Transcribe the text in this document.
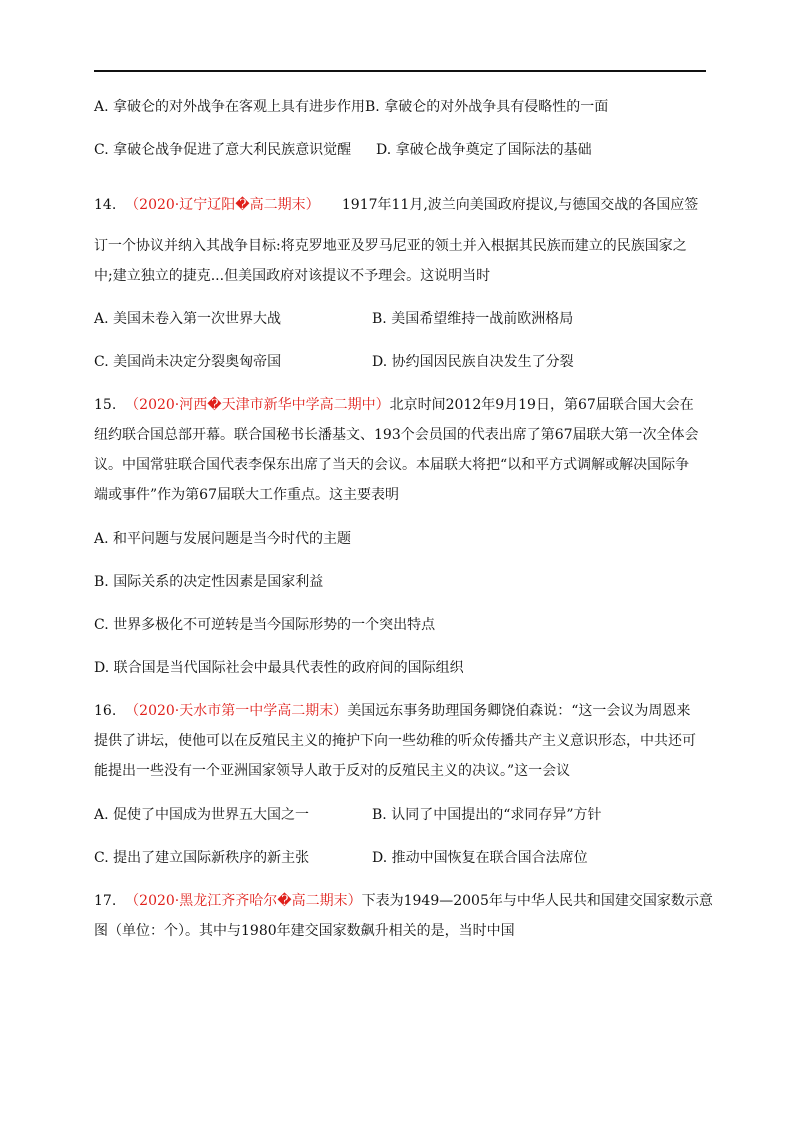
A. 拿破仑的对外战争在客观上具有进步作用B. 拿破仑的对外战争具有侵略性的一面
C. 拿破仑战争促进了意大利民族意识觉醒 D. 拿破仑战争奠定了国际法的基础
14. （2020·辽宁辽阳�高二期末） 1917年11月,波兰向美国政府提议,与德国交战的各国应签
订一个协议并纳入其战争目标:将克罗地亚及罗马尼亚的领土并入根据其民族而建立的民族国家之
中;建立独立的捷克...但美国政府对该提议不予理会。这说明当时
A. 美国未卷入第一次世界大战	B. 美国希望维持一战前欧洲格局
C. 美国尚未决定分裂奥匈帝国	D. 协约国因民族自决发生了分裂
15. （2020·河西�天津市新华中学高二期中）北京时间2012年9月19日，第67届联合国大会在
纽约联合国总部开幕。联合国秘书长潘基文、193个会员国的代表出席了第67届联大第一次全体会
议。中国常驻联合国代表李保东出席了当天的会议。本届联大将把“以和平方式调解或解决国际争
端或事件”作为第67届联大工作重点。这主要表明
A. 和平问题与发展问题是当今时代的主题
B. 国际关系的决定性因素是国家利益
C. 世界多极化不可逆转是当今国际形势的一个突出特点
D. 联合国是当代国际社会中最具代表性的政府间的国际组织
16. （2020·天水市第一中学高二期末）美国远东事务助理国务卿饶伯森说：“这一会议为周恩来
提供了讲坛，使他可以在反殖民主义的掩护下向一些幼稚的听众传播共产主义意识形态，中共还可
能提出一些没有一个亚洲国家领导人敢于反对的反殖民主义的决议。”这一会议
A. 促使了中国成为世界五大国之一	B. 认同了中国提出的“求同存异”方针
C. 提出了建立国际新秩序的新主张	D. 推动中国恢复在联合国合法席位
17. （2020·黑龙江齐齐哈尔�高二期末）下表为1949—2005年与中华人民共和国建交国家数示意
图（单位：个）。其中与1980年建交国家数飙升相关的是，当时中国
